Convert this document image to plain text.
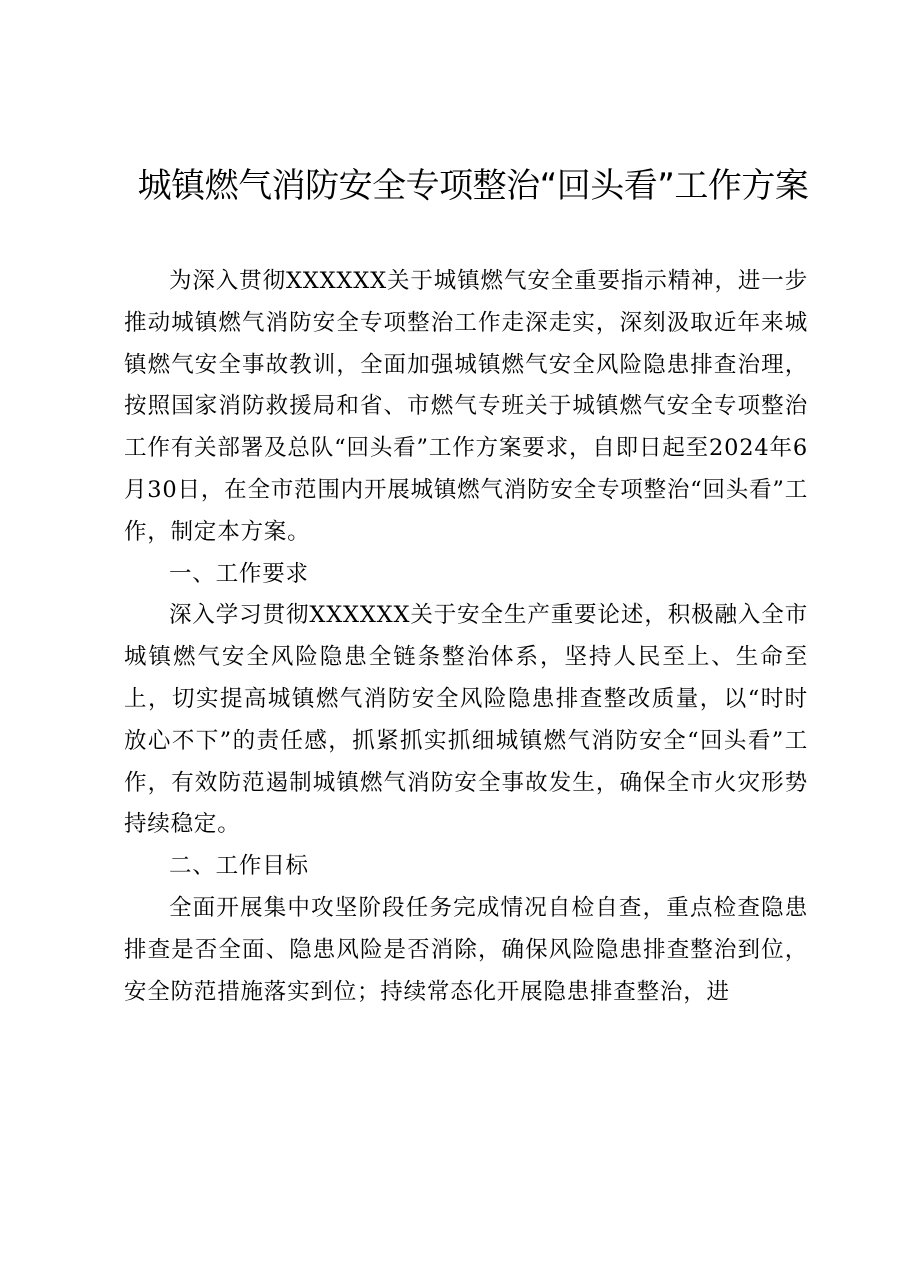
城镇燃气消防安全专项整治“回头看”工作方案

为深入贯彻XXXXXX关于城镇燃气安全重要指示精神，进一步推动城镇燃气消防安全专项整治工作走深走实，深刻汲取近年来城镇燃气安全事故教训，全面加强城镇燃气安全风险隐患排查治理，按照国家消防救援局和省、市燃气专班关于城镇燃气安全专项整治工作有关部署及总队“回头看”工作方案要求，自即日起至2024年6月30日，在全市范围内开展城镇燃气消防安全专项整治“回头看”工作，制定本方案。

一、工作要求

深入学习贯彻XXXXXX关于安全生产重要论述，积极融入全市城镇燃气安全风险隐患全链条整治体系，坚持人民至上、生命至上，切实提高城镇燃气消防安全风险隐患排查整改质量，以“时时放心不下”的责任感，抓紧抓实抓细城镇燃气消防安全“回头看”工作，有效防范遏制城镇燃气消防安全事故发生，确保全市火灾形势持续稳定。

二、工作目标

全面开展集中攻坚阶段任务完成情况自检自查，重点检查隐患排查是否全面、隐患风险是否消除，确保风险隐患排查整治到位，安全防范措施落实到位；持续常态化开展隐患排查整治，进
